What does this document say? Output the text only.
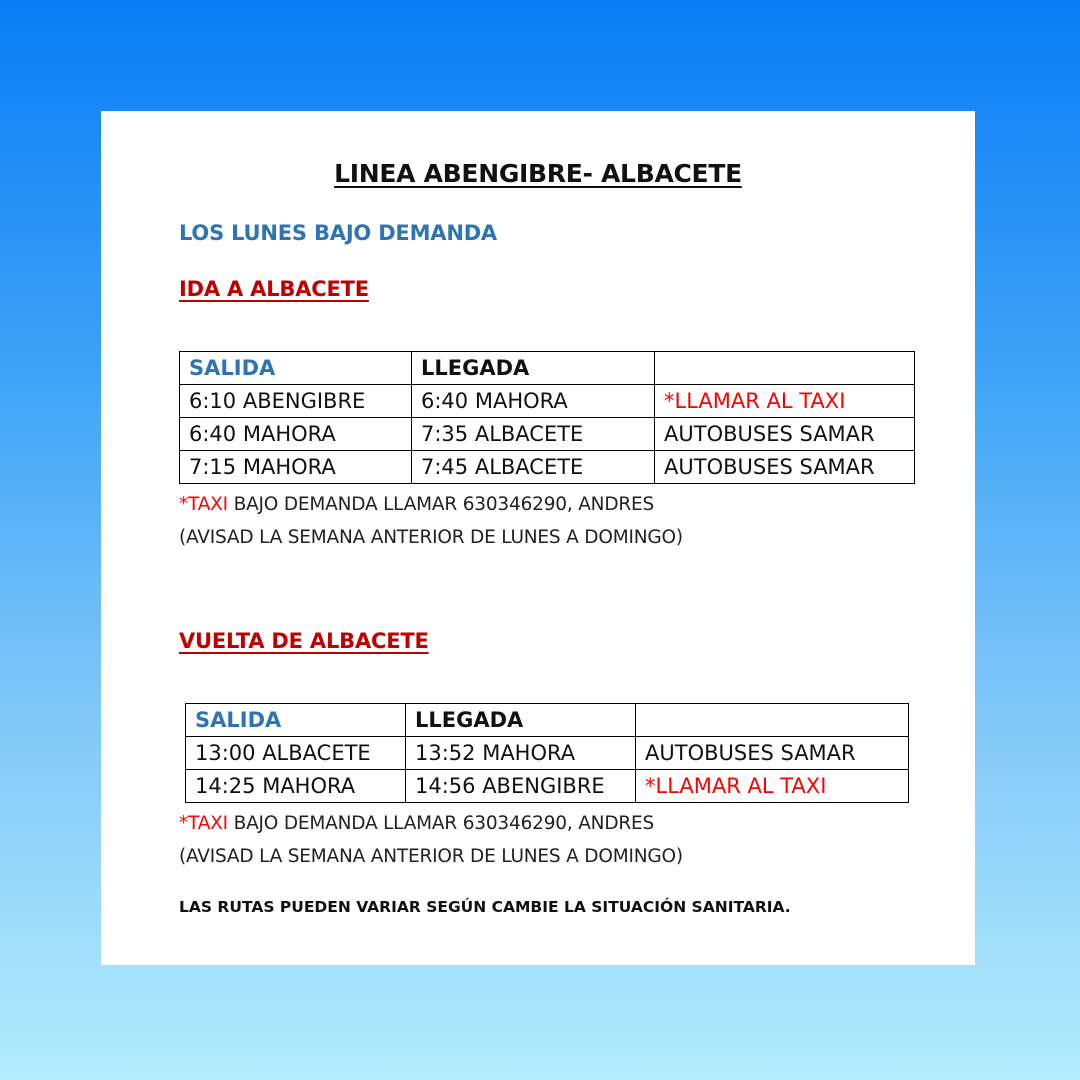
LINEA ABENGIBRE- ALBACETE
LOS LUNES BAJO DEMANDA
IDA A ALBACETE
SALIDA	LLEGADA	
6:10 ABENGIBRE	6:40 MAHORA	*LLAMAR AL TAXI
6:40 MAHORA	7:35 ALBACETE	AUTOBUSES SAMAR
7:15 MAHORA	7:45 ALBACETE	AUTOBUSES SAMAR
*TAXI BAJO DEMANDA LLAMAR 630346290, ANDRES
(AVISAD LA SEMANA ANTERIOR DE LUNES A DOMINGO)
VUELTA DE ALBACETE
SALIDA	LLEGADA	
13:00 ALBACETE	13:52 MAHORA	AUTOBUSES SAMAR
14:25 MAHORA	14:56 ABENGIBRE	*LLAMAR AL TAXI
*TAXI BAJO DEMANDA LLAMAR 630346290, ANDRES
(AVISAD LA SEMANA ANTERIOR DE LUNES A DOMINGO)
LAS RUTAS PUEDEN VARIAR SEGÚN CAMBIE LA SITUACIÓN SANITARIA.
